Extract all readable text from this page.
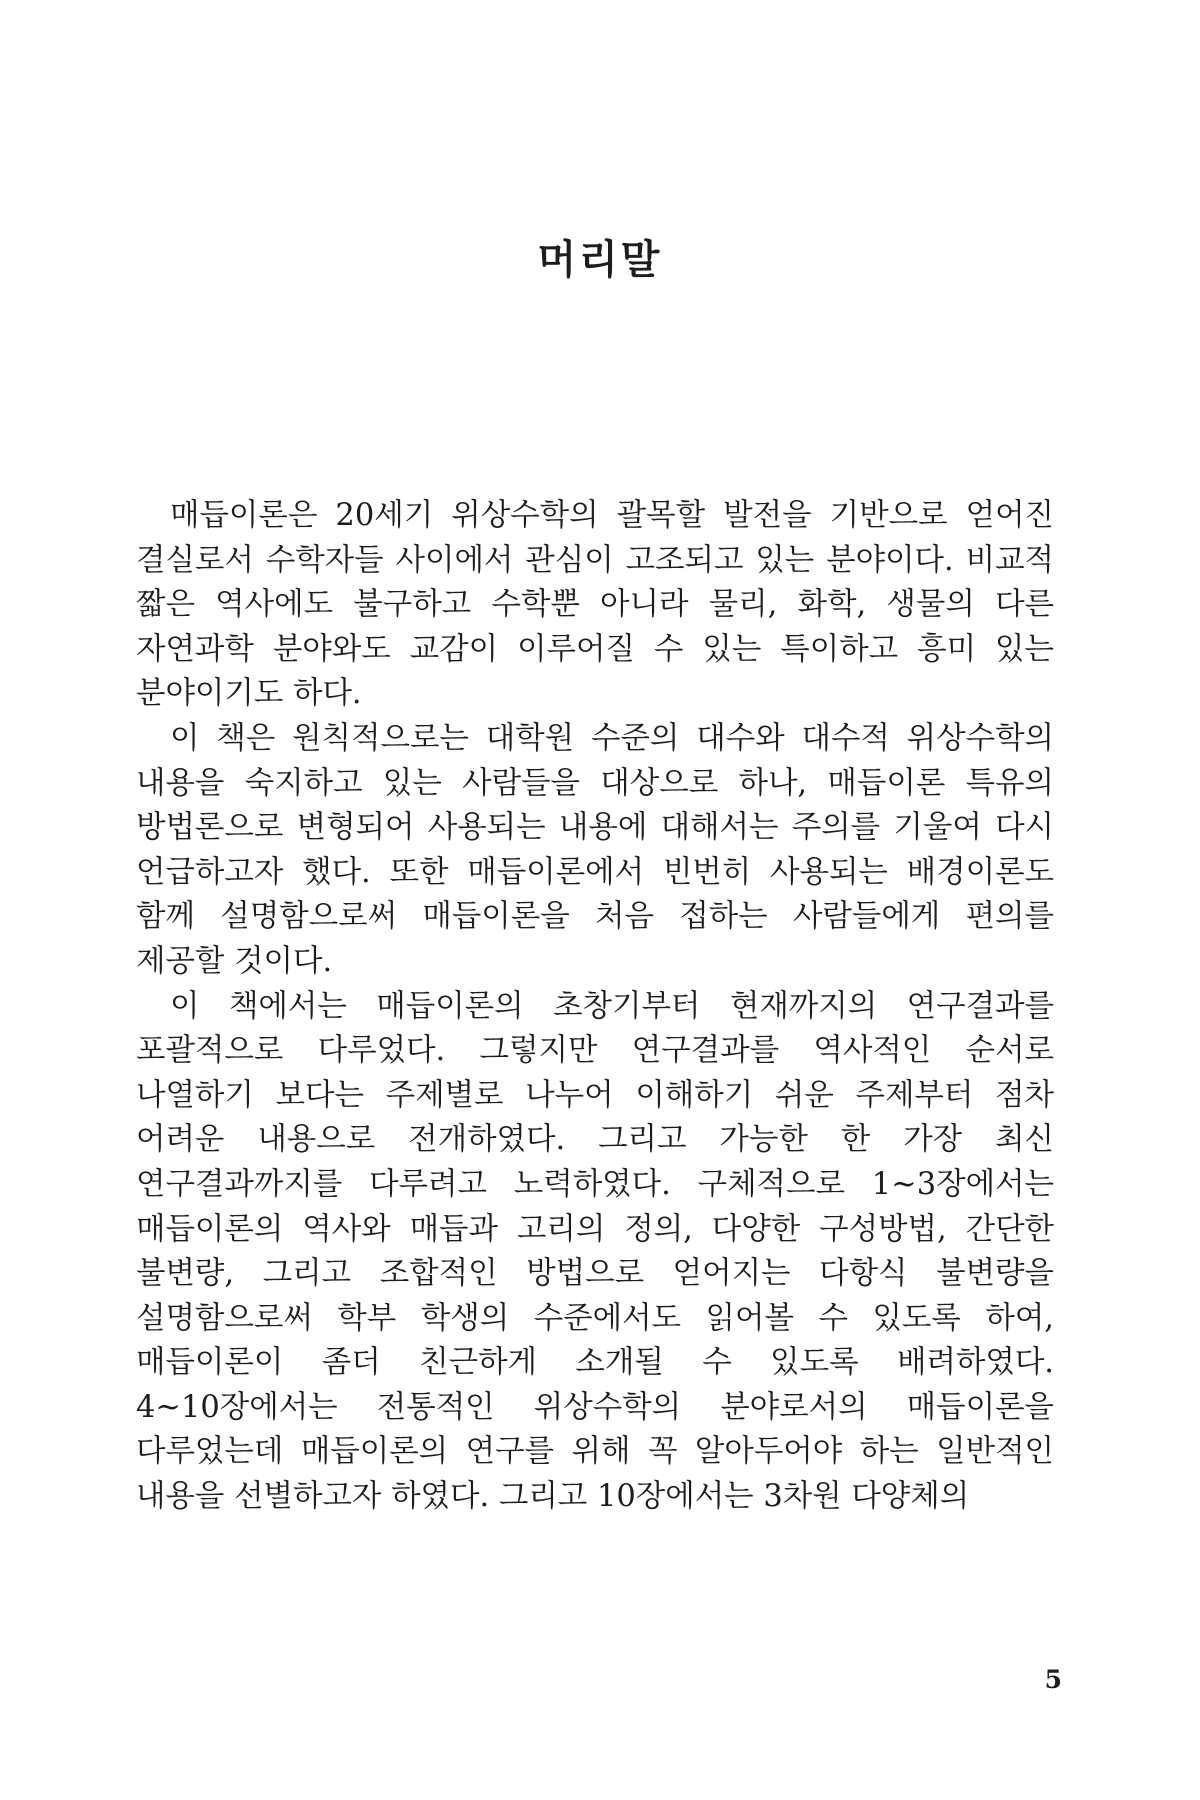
머리말

매듭이론은 20세기 위상수학의 괄목할 발전을 기반으로 얻어진 결실로서 수학자들 사이에서 관심이 고조되고 있는 분야이다. 비교적 짧은 역사에도 불구하고 수학뿐 아니라 물리, 화학, 생물의 다른 자연과학 분야와도 교감이 이루어질 수 있는 특이하고 흥미 있는 분야이기도 하다.

이 책은 원칙적으로는 대학원 수준의 대수와 대수적 위상수학의 내용을 숙지하고 있는 사람들을 대상으로 하나, 매듭이론 특유의 방법론으로 변형되어 사용되는 내용에 대해서는 주의를 기울여 다시 언급하고자 했다. 또한 매듭이론에서 빈번히 사용되는 배경이론도 함께 설명함으로써 매듭이론을 처음 접하는 사람들에게 편의를 제공할 것이다.

이 책에서는 매듭이론의 초창기부터 현재까지의 연구결과를 포괄적으로 다루었다. 그렇지만 연구결과를 역사적인 순서로 나열하기 보다는 주제별로 나누어 이해하기 쉬운 주제부터 점차 어려운 내용으로 전개하였다. 그리고 가능한 한 가장 최신 연구결과까지를 다루려고 노력하였다. 구체적으로 1~3장에서는 매듭이론의 역사와 매듭과 고리의 정의, 다양한 구성방법, 간단한 불변량, 그리고 조합적인 방법으로 얻어지는 다항식 불변량을 설명함으로써 학부 학생의 수준에서도 읽어볼 수 있도록 하여, 매듭이론이 좀더 친근하게 소개될 수 있도록 배려하였다. 4~10장에서는 전통적인 위상수학의 분야로서의 매듭이론을 다루었는데 매듭이론의 연구를 위해 꼭 알아두어야 하는 일반적인 내용을 선별하고자 하였다. 그리고 10장에서는 3차원 다양체의

5
